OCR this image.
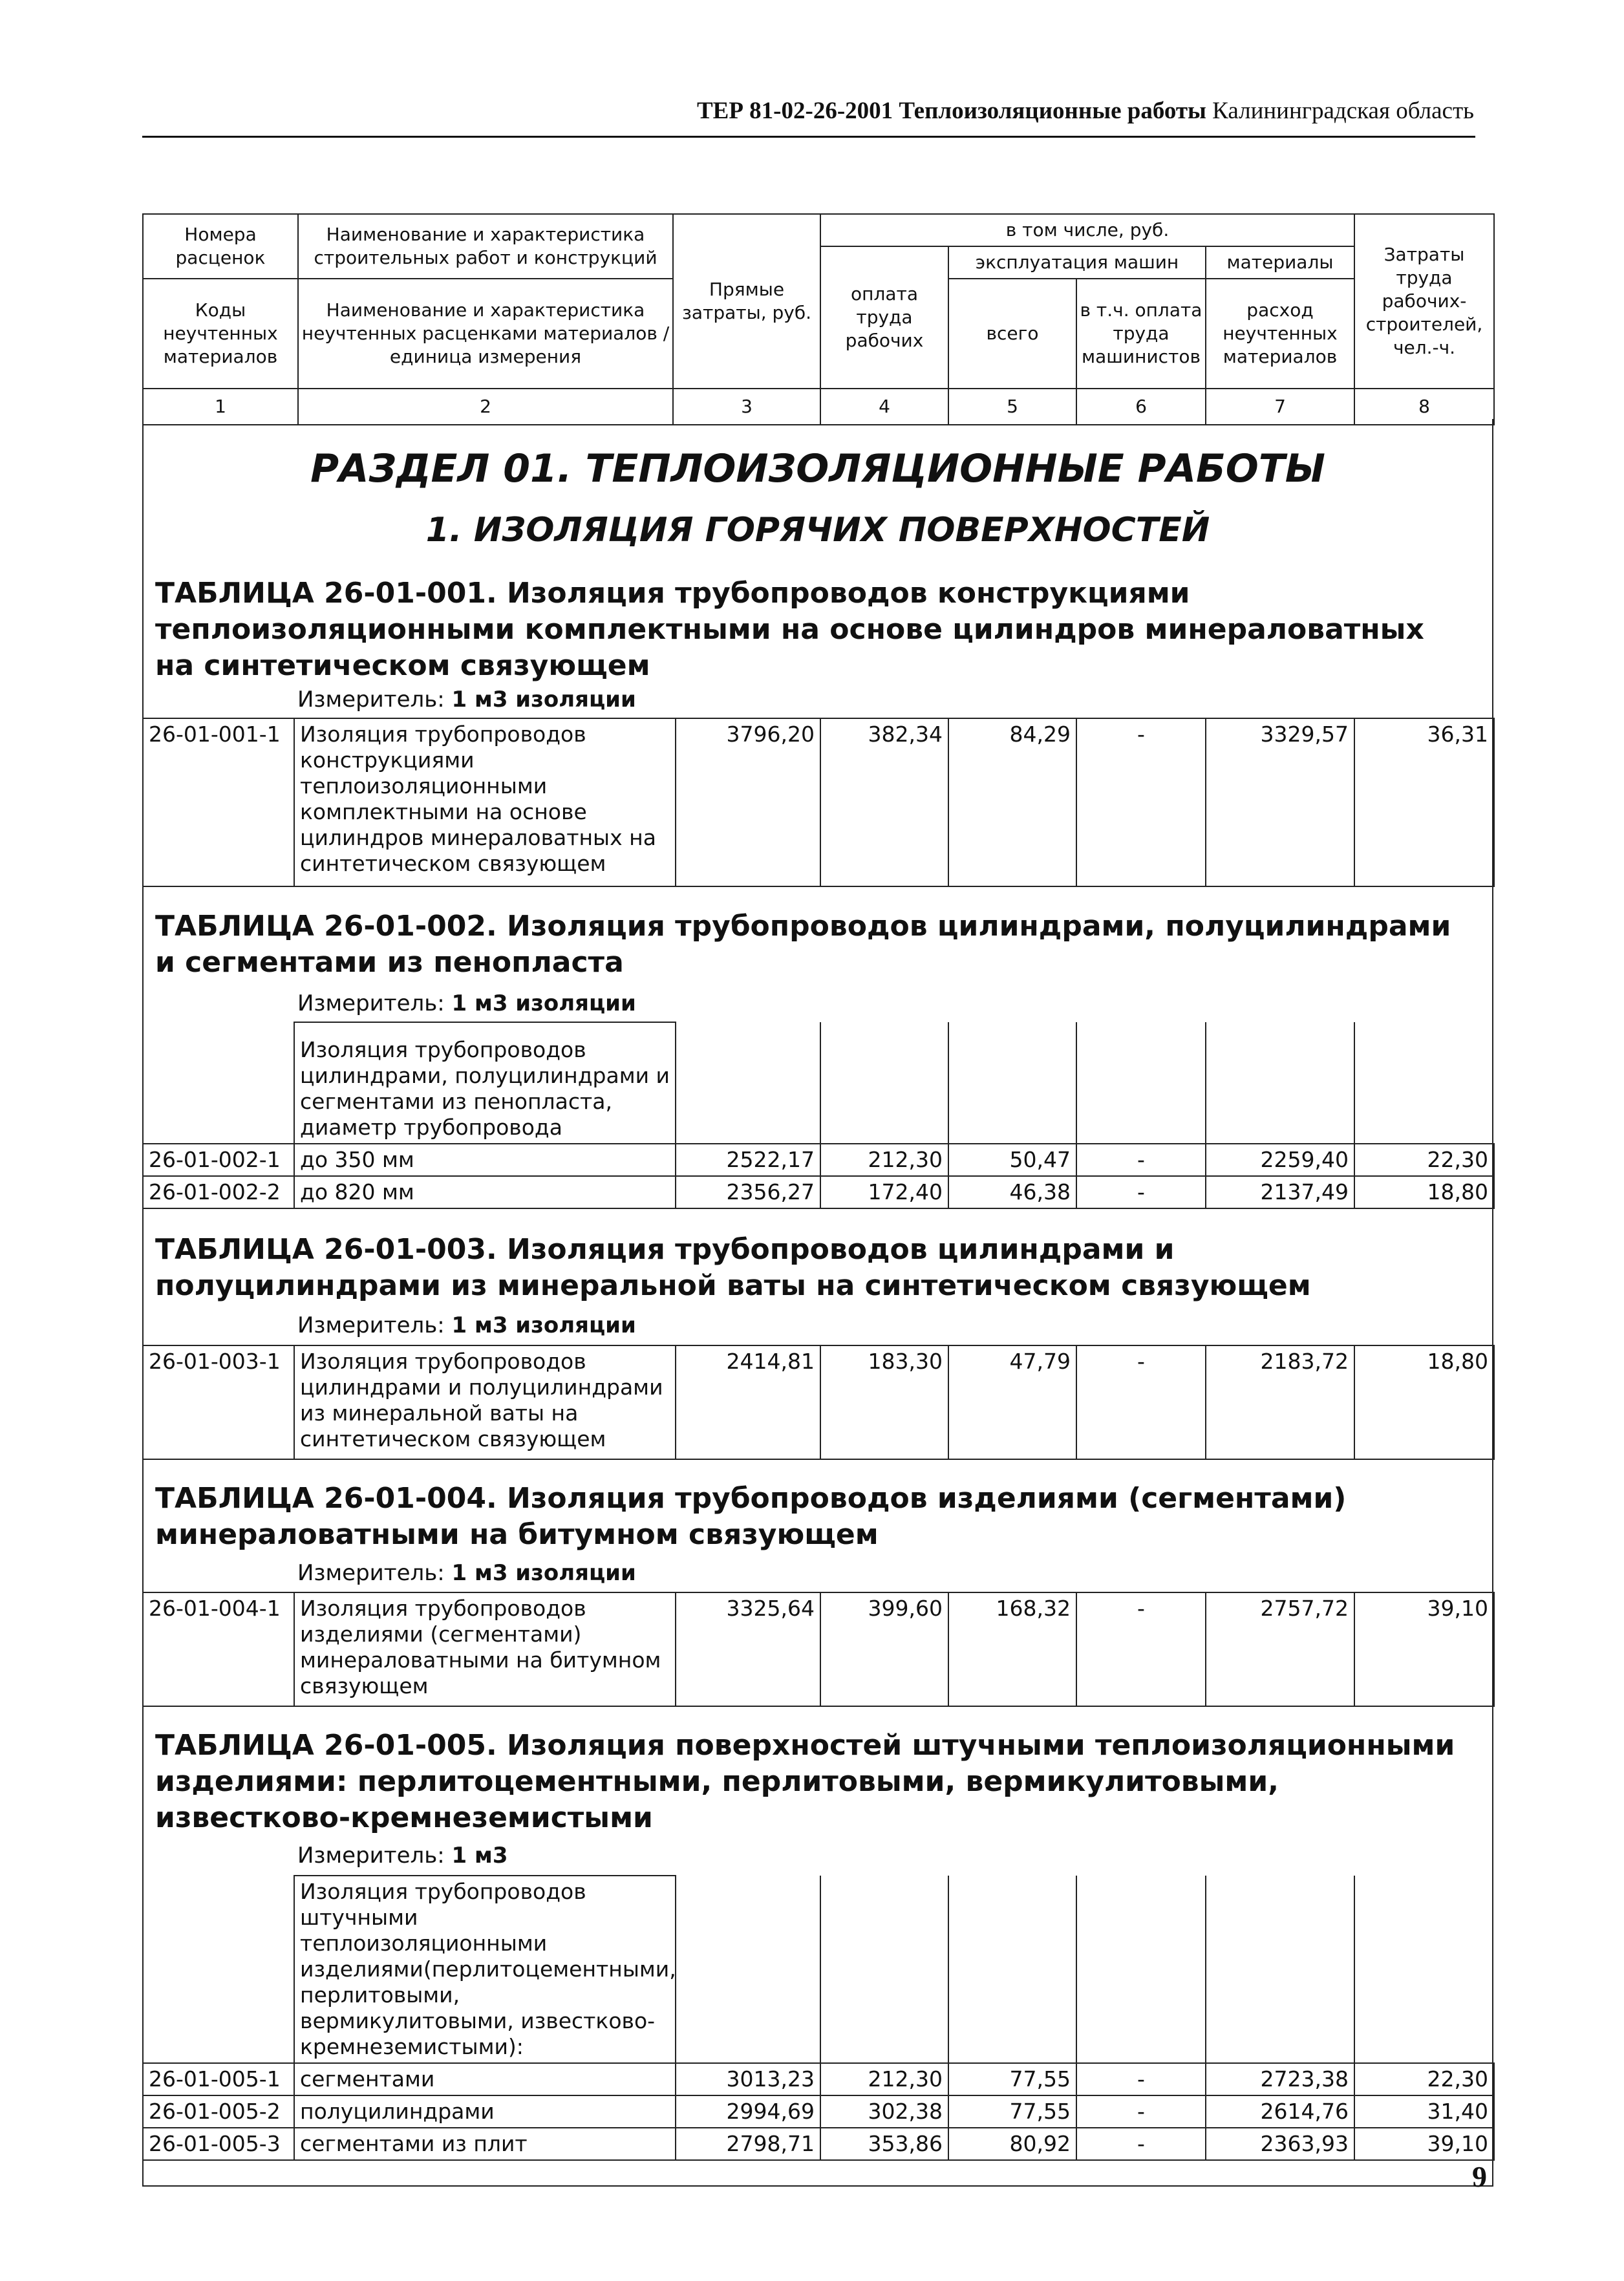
ТЕР 81-02-26-2001 Теплоизоляционные работы Калининградская область
Номера расценок	Наименование и характеристика строительных работ и конструкций	Прямые затраты, руб.	в том числе, руб.				Затраты труда рабочих-строителей, чел.-ч.
			оплата труда рабочих	эксплуатация машин		материалы	
Коды неучтенных материалов	Наименование и характеристика неучтенных расценками материалов / единица измерения			всего	в т.ч. оплата труда машинистов	расход неучтенных материалов	

1	2	3	4	5	6	7	8
РАЗДЕЛ 01. ТЕПЛОИЗОЛЯЦИОННЫЕ РАБОТЫ
1. ИЗОЛЯЦИЯ ГОРЯЧИХ ПОВЕРХНОСТЕЙ
ТАБЛИЦА 26-01-001. Изоляция трубопроводов конструкциями теплоизоляционными комплектными на основе цилиндров минераловатных на синтетическом связующем
Измеритель: 1 м3 изоляции
26-01-001-1	Изоляция трубопроводов конструкциями теплоизоляционными комплектными на основе цилиндров минераловатных на синтетическом связующем	3796,20	382,34	84,29	-	3329,57	36,31
ТАБЛИЦА 26-01-002. Изоляция трубопроводов цилиндрами, полуцилиндрами и сегментами из пенопласта
Измеритель: 1 м3 изоляции
	Изоляция трубопроводов цилиндрами, полуцилиндрами и сегментами из пенопласта, диаметр трубопровода						
26-01-002-1	до 350 мм	2522,17	212,30	50,47	-	2259,40	22,30
26-01-002-2	до 820 мм	2356,27	172,40	46,38	-	2137,49	18,80
ТАБЛИЦА 26-01-003. Изоляция трубопроводов цилиндрами и полуцилиндрами из минеральной ваты на синтетическом связующем
Измеритель: 1 м3 изоляции
26-01-003-1	Изоляция трубопроводов цилиндрами и полуцилиндрами из минеральной ваты на синтетическом связующем	2414,81	183,30	47,79	-	2183,72	18,80
ТАБЛИЦА 26-01-004. Изоляция трубопроводов изделиями (сегментами) минераловатными на битумном связующем
Измеритель: 1 м3 изоляции
26-01-004-1	Изоляция трубопроводов изделиями (сегментами) минераловатными на битумном связующем	3325,64	399,60	168,32	-	2757,72	39,10
ТАБЛИЦА 26-01-005. Изоляция поверхностей штучными теплоизоляционными изделиями: перлитоцементными, перлитовыми, вермикулитовыми, известково-кремнеземистыми
Измеритель: 1 м3
	Изоляция трубопроводов штучными теплоизоляционными изделиями(перлитоцементными, перлитовыми, вермикулитовыми, известково-кремнеземистыми):						
26-01-005-1	сегментами	3013,23	212,30	77,55	-	2723,38	22,30
26-01-005-2	полуцилиндрами	2994,69	302,38	77,55	-	2614,76	31,40
26-01-005-3	сегментами из плит	2798,71	353,86	80,92	-	2363,93	39,10
9
